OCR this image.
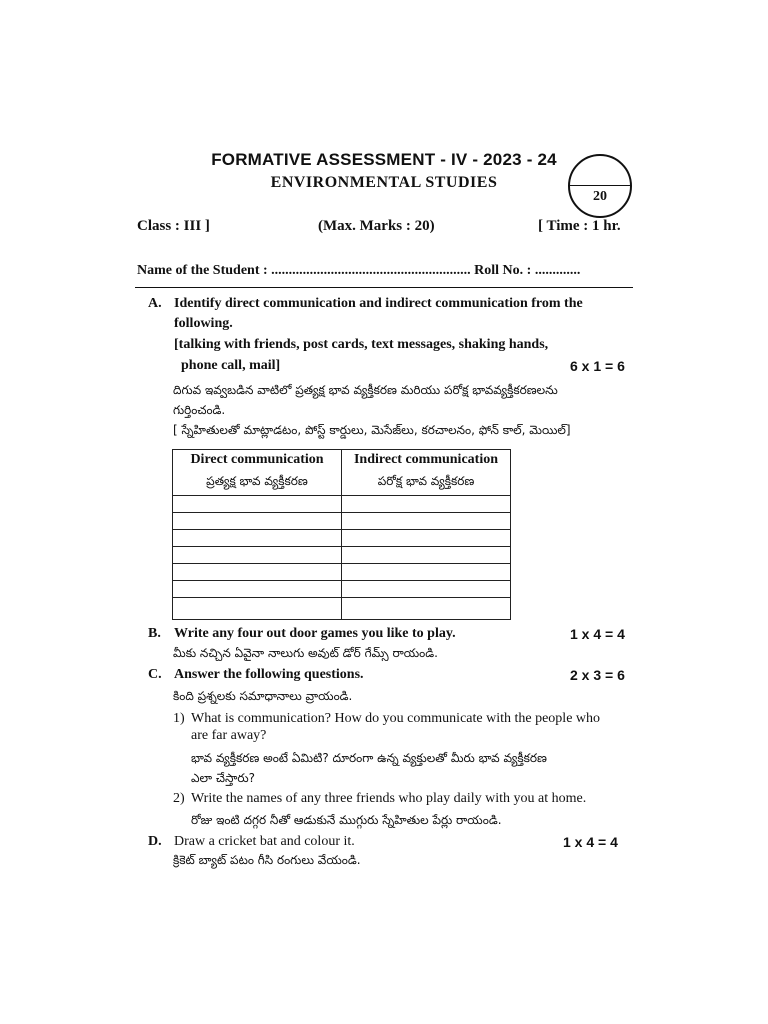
FORMATIVE ASSESSMENT - IV - 2023 - 24
ENVIRONMENTAL STUDIES
20
Class : III ]	(Max. Marks : 20)	[ Time : 1 hr.
Name of the Student : ......................................................... Roll No. : .............
A. Identify direct communication and indirect communication from the
following.
[talking with friends, post cards, text messages, shaking hands,
phone call, mail]	6 x 1 = 6
దిగువ ఇవ్వబడిన వాటిలో ప్రత్యక్ష భావ వ్యక్తీకరణ మరియు పరోక్ష భావవ్యక్తీకరణలను
గుర్తించండి.
[ స్నేహితులతో మాట్లాడటం, పోస్ట్ కార్డులు, మెసేజ్‌లు, కరచాలనం, ఫోన్ కాల్, మెయిల్]
Direct communication	Indirect communication
ప్రత్యక్ష భావ వ్యక్తీకరణ	పరోక్ష భావ వ్యక్తీకరణ

B. Write any four out door games you like to play.	1 x 4 = 4
మీకు నచ్చిన ఏవైనా నాలుగు అవుట్ డోర్ గేమ్స్ రాయండి.
C. Answer the following questions.	2 x 3 = 6
కింది ప్రశ్నలకు సమాధానాలు వ్రాయండి.
1) What is communication? How do you communicate with the people who
are far away?
భావ వ్యక్తీకరణ అంటే ఏమిటి? దూరంగా ఉన్న వ్యక్తులతో మీరు భావ వ్యక్తీకరణ
ఎలా చేస్తారు?
2) Write the names of any three friends who play daily with you at home.
రోజు ఇంటి దగ్గర నీతో ఆడుకునే ముగ్గురు స్నేహితుల పేర్లు రాయండి.
D. Draw a cricket bat and colour it.	1 x 4 = 4
క్రికెట్ బ్యాట్ పటం గీసి రంగులు వేయండి.
